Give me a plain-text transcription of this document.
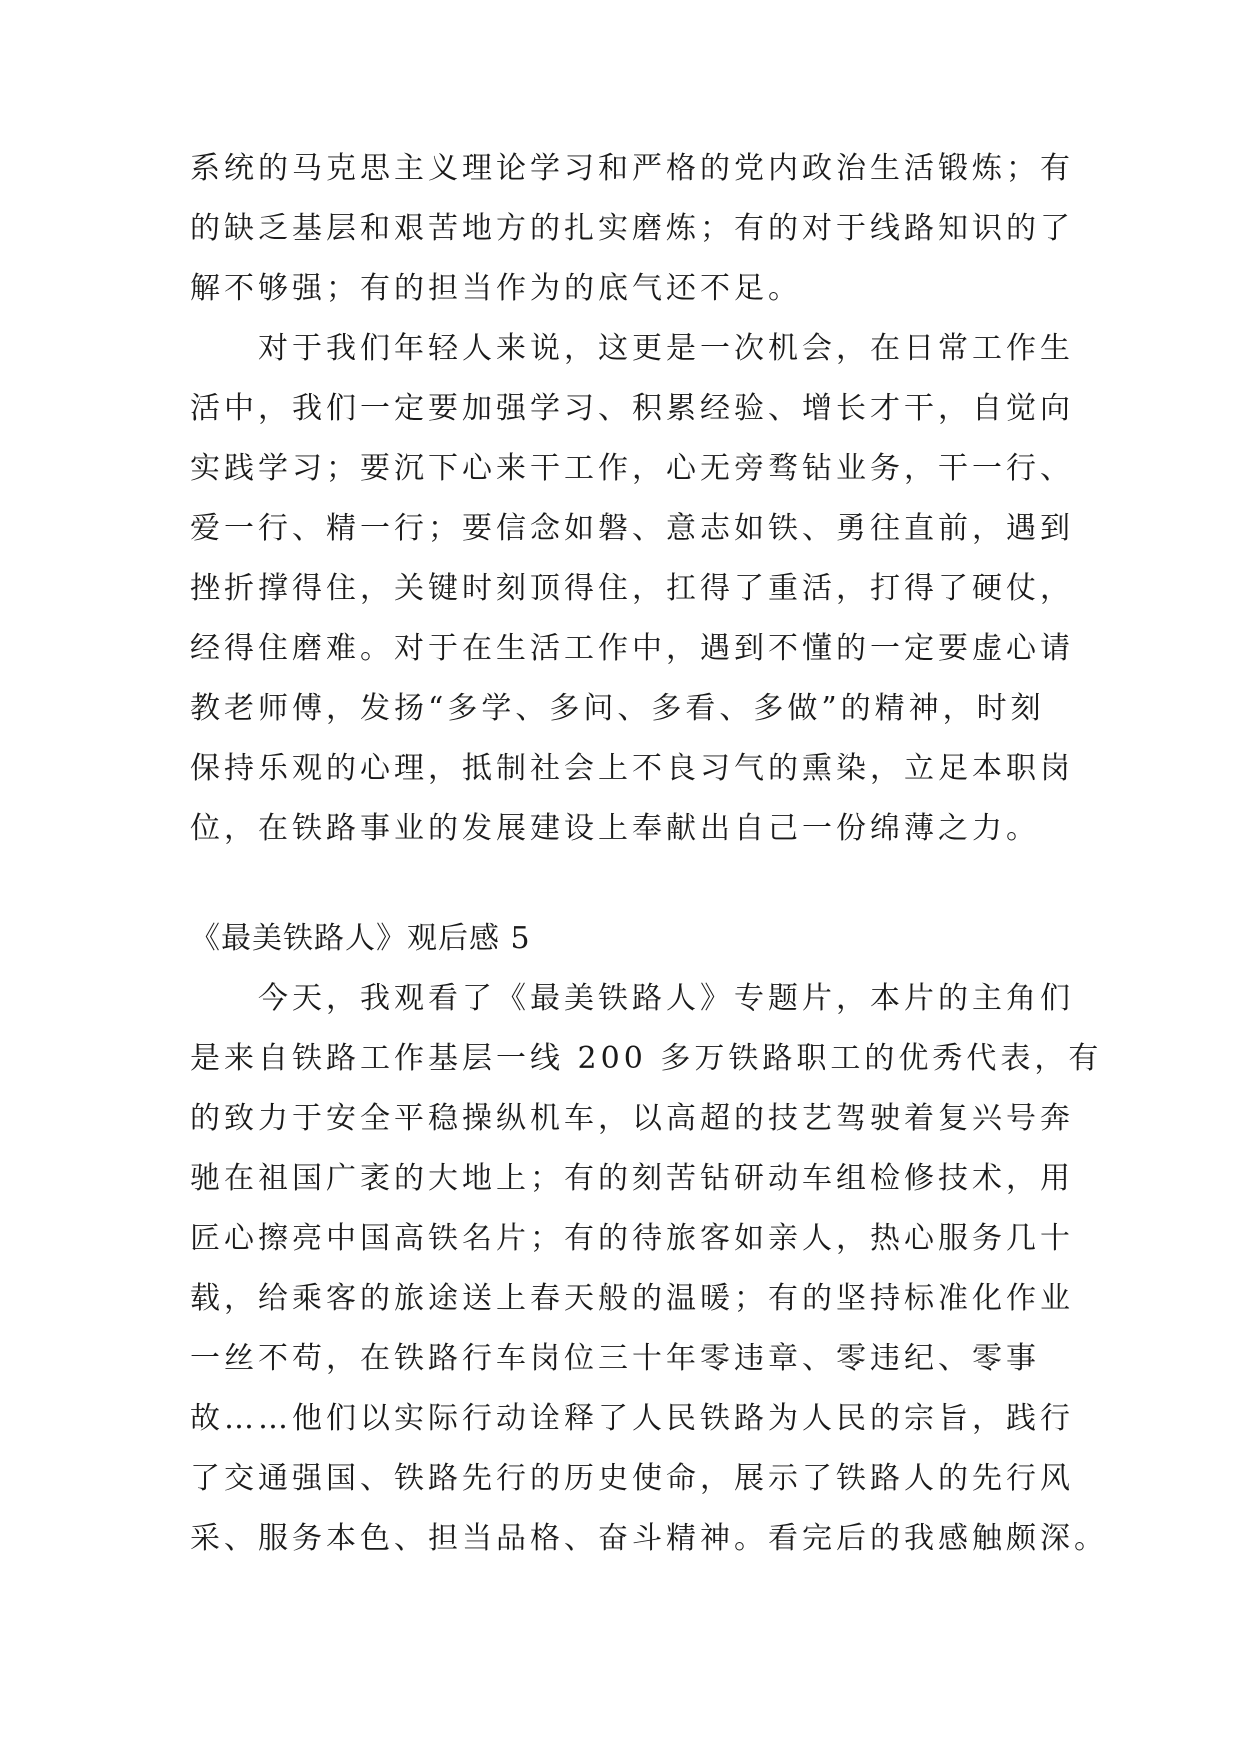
系统的马克思主义理论学习和严格的党内政治生活锻炼；有
的缺乏基层和艰苦地方的扎实磨炼；有的对于线路知识的了
解不够强；有的担当作为的底气还不足。
对于我们年轻人来说，这更是一次机会，在日常工作生
活中，我们一定要加强学习、积累经验、增长才干，自觉向
实践学习；要沉下心来干工作，心无旁骛钻业务，干一行、
爱一行、精一行；要信念如磐、意志如铁、勇往直前，遇到
挫折撑得住，关键时刻顶得住，扛得了重活，打得了硬仗，
经得住磨难。对于在生活工作中，遇到不懂的一定要虚心请
教老师傅，发扬“多学、多问、多看、多做”的精神，时刻
保持乐观的心理，抵制社会上不良习气的熏染，立足本职岗
位，在铁路事业的发展建设上奉献出自己一份绵薄之力。
《最美铁路人》观后感 5
今天，我观看了《最美铁路人》专题片，本片的主角们
是来自铁路工作基层一线 200 多万铁路职工的优秀代表，有
的致力于安全平稳操纵机车，以高超的技艺驾驶着复兴号奔
驰在祖国广袤的大地上；有的刻苦钻研动车组检修技术，用
匠心擦亮中国高铁名片；有的待旅客如亲人，热心服务几十
载，给乘客的旅途送上春天般的温暖；有的坚持标准化作业
一丝不苟，在铁路行车岗位三十年零违章、零违纪、零事
故……他们以实际行动诠释了人民铁路为人民的宗旨，践行
了交通强国、铁路先行的历史使命，展示了铁路人的先行风
采、服务本色、担当品格、奋斗精神。看完后的我感触颇深。
